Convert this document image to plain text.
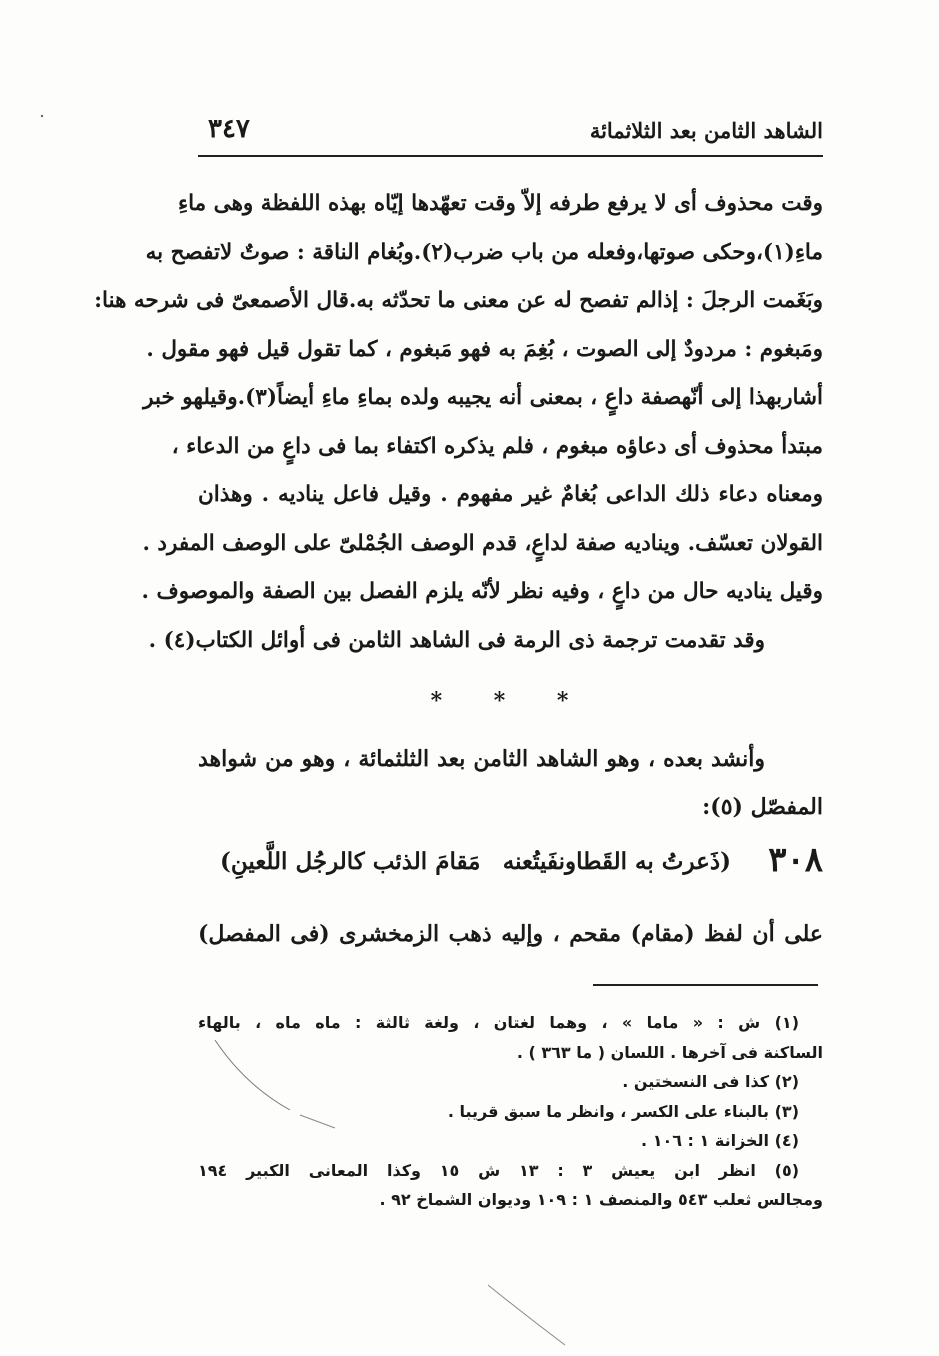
الشاهد الثامن بعد الثلاثمائة
٣٤٧
وقت محذوف أى لا يرفع طرفه إلاّ وقت تعهّدها إيّاه بهذه اللفظة وهى ماءِ
ماءِ(١)،وحكى صوتها،وفعله من باب ضرب(٢).وبُغام الناقة : صوتٌ لاتفصح به
وبَغَمت الرجلَ : إذالم تفصح له عن معنى ما تحدّثه به.قال الأصمعىّ فى شرحه هنا:
ومَبغوم : مردودٌ إلى الصوت ، بُغِمَ به فهو مَبغوم ، كما تقول قيل فهو مقول .
أشاربهذا إلى أنّهصفة داعٍ ، بمعنى أنه يجيبه ولده بماءِ ماءِ أيضاً(٣).وقيلهو خبر
مبتدأ محذوف أى دعاؤه مبغوم ، فلم يذكره اكتفاء بما فى داعٍ من الدعاء ،
ومعناه دعاء ذلك الداعى بُغامٌ غير مفهوم . وقيل فاعل يناديه . وهذان
القولان تعسّف. ويناديه صفة لداعٍ، قدم الوصف الجُمْلىّ على الوصف المفرد .
وقيل يناديه حال من داعٍ ، وفيه نظر لأنّه يلزم الفصل بين الصفة والموصوف .
وقد تقدمت ترجمة ذى الرمة فى الشاهد الثامن فى أوائل الكتاب(٤) .
* * *
وأنشد بعده ، وهو الشاهد الثامن بعد الثلثمائة ، وهو من شواهد
المفصّل (٥):
٣٠٨
(ذَعرتُ به القَطاونفَيتُعنه
مَقامَ الذئب كالرجُل اللَّعينِ)
على أن لفظ (مقام) مقحم ، وإليه ذهب الزمخشرى (فى المفصل)
(١) ش : « ماما » ، وهما لغتان ، ولغة ثالثة : ماه ماه ، بالهاء
الساكنة فى آخرها . اللسان ( ما ٣٦٣ ) .
(٢) كذا فى النسختين .
(٣) بالبناء على الكسر ، وانظر ما سبق قريبا .
(٤) الخزانة ١ : ١٠٦ .
(٥) انظر ابن يعيش ٣ : ١٣ ش ١٥ وكذا المعانى الكبير ١٩٤
ومجالس ثعلب ٥٤٣ والمنصف ١ : ١٠٩ وديوان الشماخ ٩٢ .
